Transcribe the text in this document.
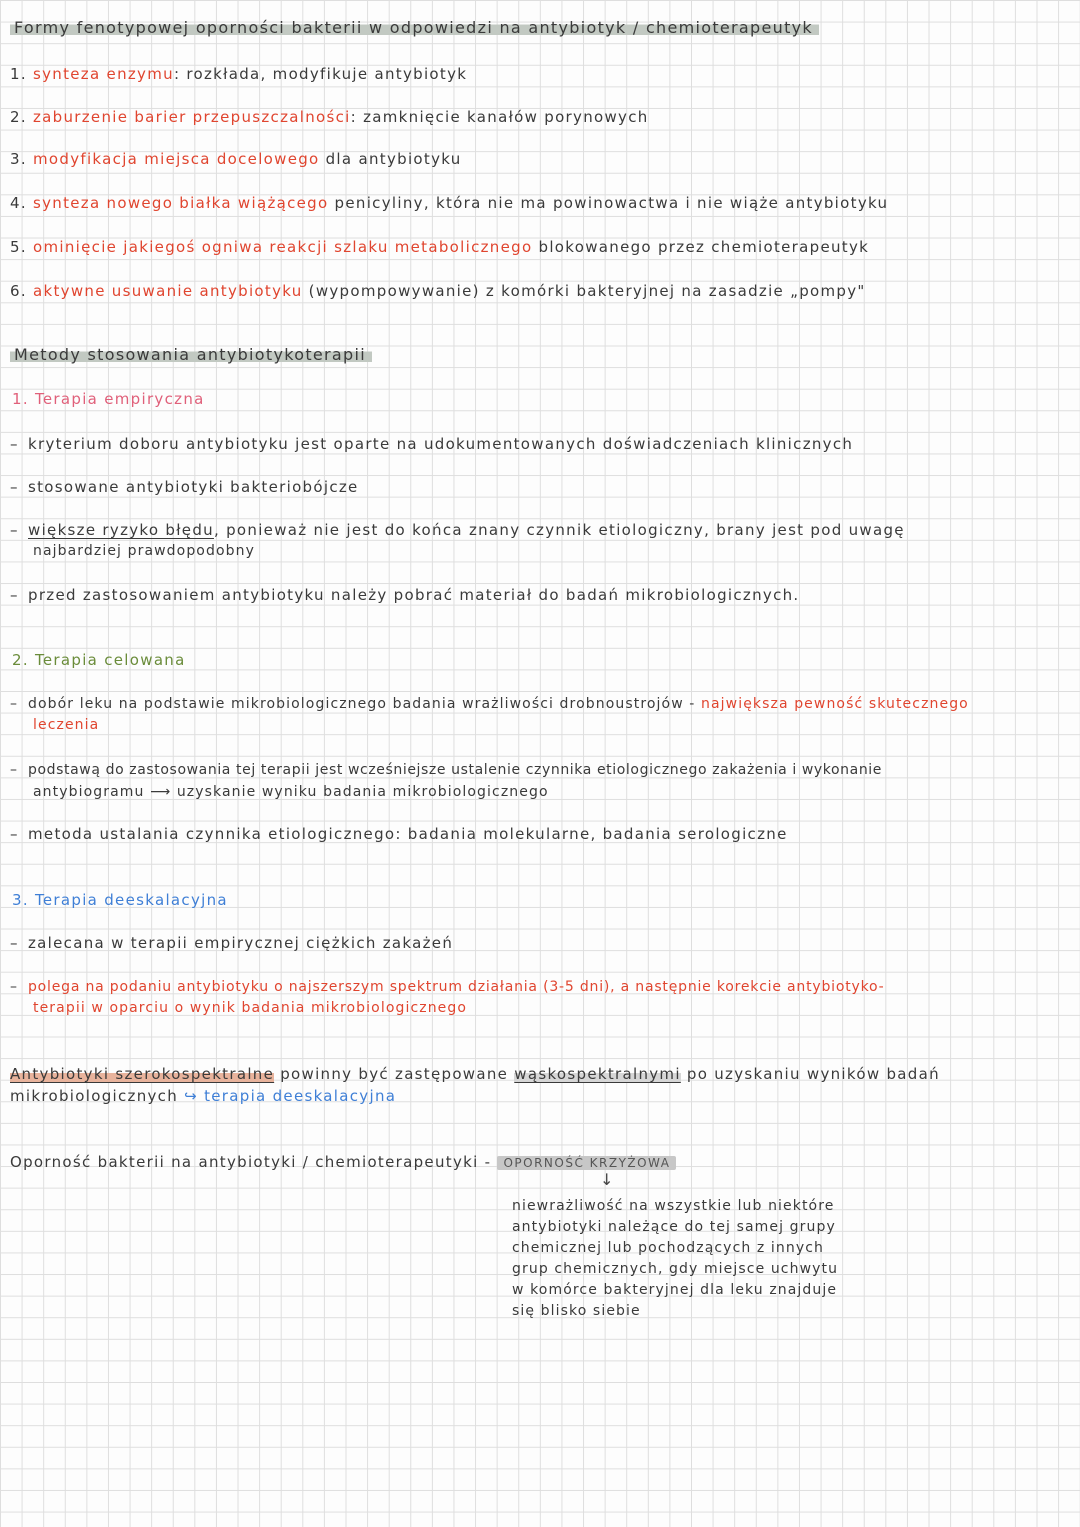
Formy fenotypowej oporności bakterii w odpowiedzi na antybiotyk / chemioterapeutyk
1. synteza enzymu: rozkłada, modyfikuje antybiotyk
2. zaburzenie barier przepuszczalności: zamknięcie kanałów porynowych
3. modyfikacja miejsca docelowego dla antybiotyku
4. synteza nowego białka wiążącego penicyliny, która nie ma powinowactwa i nie wiąże antybiotyku
5. ominięcie jakiegoś ogniwa reakcji szlaku metabolicznego blokowanego przez chemioterapeutyk
6. aktywne usuwanie antybiotyku (wypompowywanie) z komórki bakteryjnej na zasadzie „pompy"
Metody stosowania antybiotykoterapii
1. Terapia empiryczna
– kryterium doboru antybiotyku jest oparte na udokumentowanych doświadczeniach klinicznych
– stosowane antybiotyki bakteriobójcze
– większe ryzyko błędu, ponieważ nie jest do końca znany czynnik etiologiczny, brany jest pod uwagę
najbardziej prawdopodobny
– przed zastosowaniem antybiotyku należy pobrać materiał do badań mikrobiologicznych.
2. Terapia celowana
– dobór leku na podstawie mikrobiologicznego badania wrażliwości drobnoustrojów - największa pewność skutecznego
leczenia
– podstawą do zastosowania tej terapii jest wcześniejsze ustalenie czynnika etiologicznego zakażenia i wykonanie
antybiogramu ⟶ uzyskanie wyniku badania mikrobiologicznego
– metoda ustalania czynnika etiologicznego: badania molekularne, badania serologiczne
3. Terapia deeskalacyjna
– zalecana w terapii empirycznej ciężkich zakażeń
– polega na podaniu antybiotyku o najszerszym spektrum działania (3-5 dni), a następnie korekcie antybiotyko-
terapii w oparciu o wynik badania mikrobiologicznego
Antybiotyki szerokospektralne powinny być zastępowane wąskospektralnymi po uzyskaniu wyników badań
mikrobiologicznych ↪ terapia deeskalacyjna
Oporność bakterii na antybiotyki / chemioterapeutyki - OPORNOŚĆ KRZYŻOWA
↓
niewrażliwość na wszystkie lub niektóre
antybiotyki należące do tej samej grupy
chemicznej lub pochodzących z innych
grup chemicznych, gdy miejsce uchwytu
w komórce bakteryjnej dla leku znajduje
się blisko siebie
